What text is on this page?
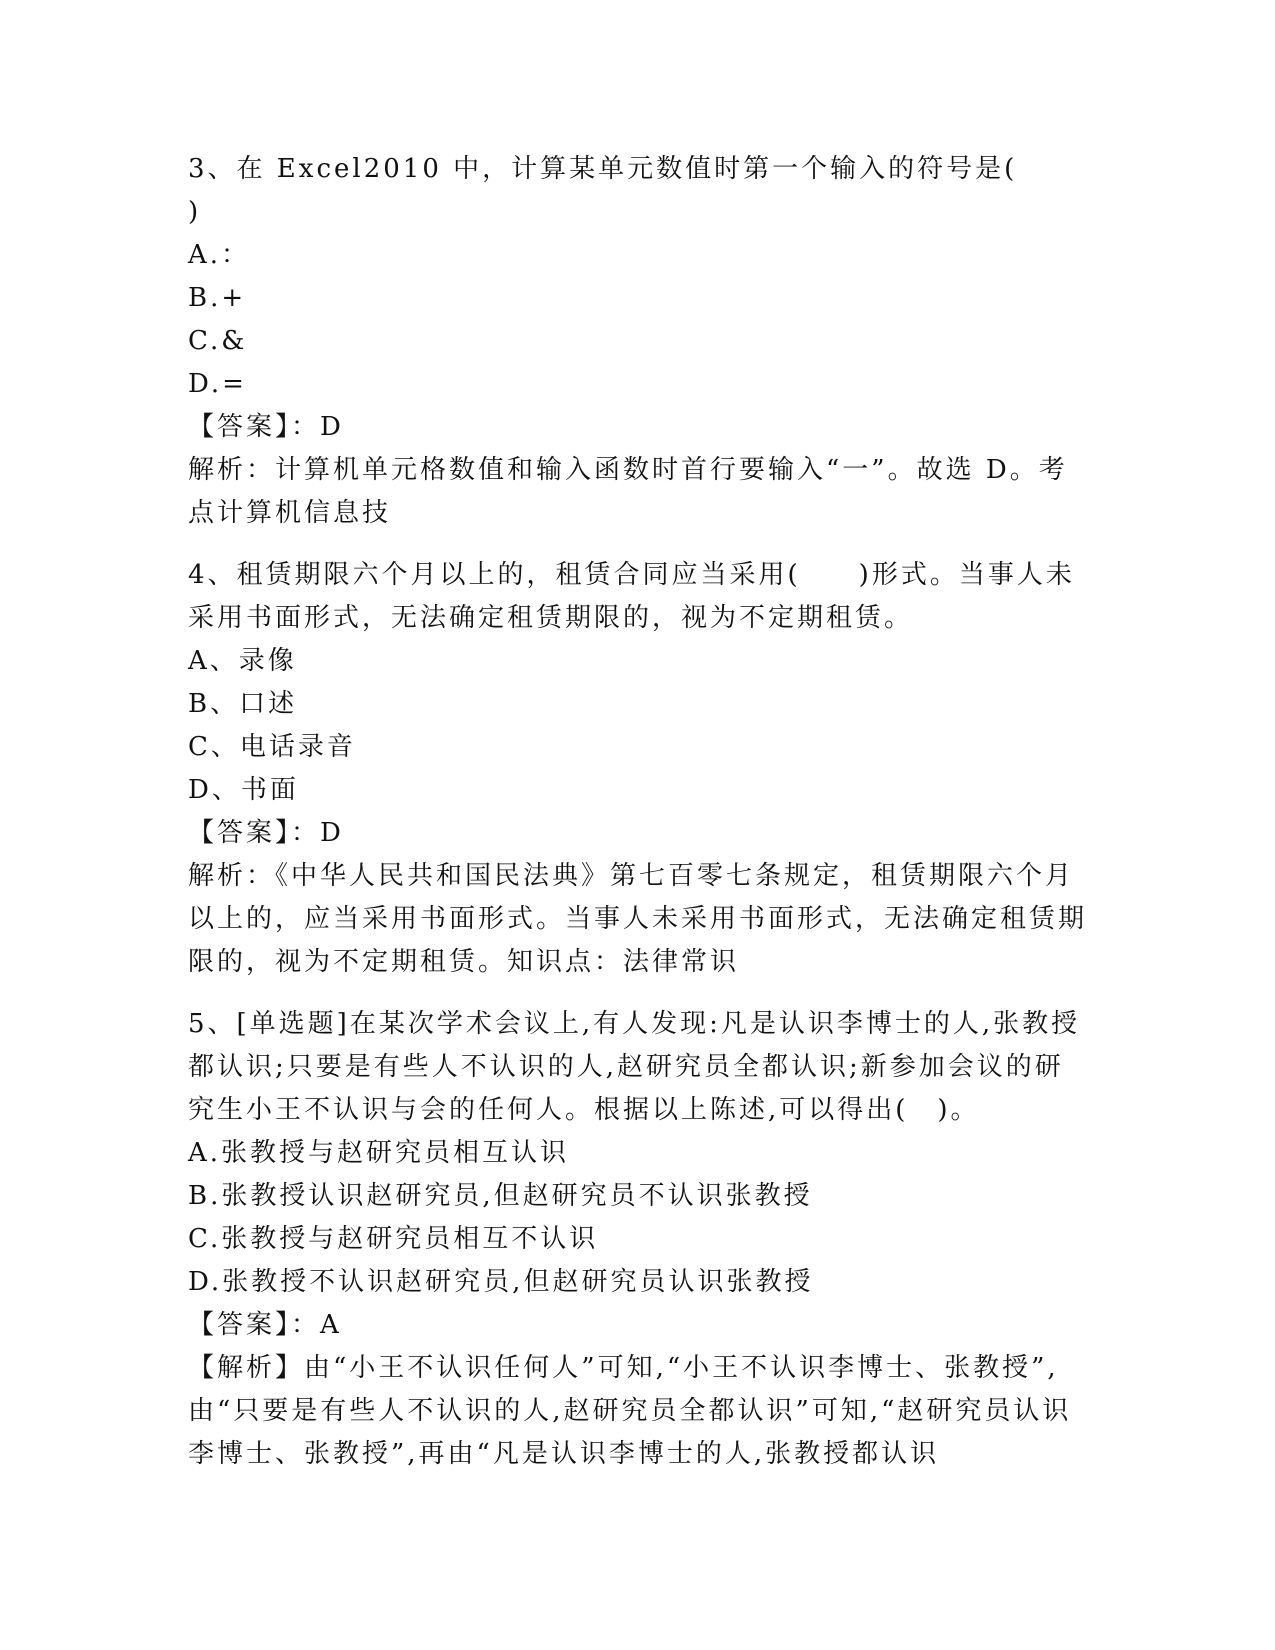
3、在 Excel2010 中，计算某单元数值时第一个输入的符号是(　　)
A.：
B.+
C.&
D.=
【答案】：D
解析：计算机单元格数值和输入函数时首行要输入“一”。故选 D。考点计算机信息技
4、租赁期限六个月以上的，租赁合同应当采用(　　)形式。当事人未采用书面形式，无法确定租赁期限的，视为不定期租赁。
A、录像
B、口述
C、电话录音
D、书面
【答案】：D
解析：《中华人民共和国民法典》第七百零七条规定，租赁期限六个月以上的，应当采用书面形式。当事人未采用书面形式，无法确定租赁期限的，视为不定期租赁。知识点：法律常识
5、[单选题]在某次学术会议上,有人发现:凡是认识李博士的人,张教授都认识;只要是有些人不认识的人,赵研究员全都认识;新参加会议的研究生小王不认识与会的任何人。根据以上陈述,可以得出(　)。
A.张教授与赵研究员相互认识
B.张教授认识赵研究员,但赵研究员不认识张教授
C.张教授与赵研究员相互不认识
D.张教授不认识赵研究员,但赵研究员认识张教授
【答案】：A
【解析】由“小王不认识任何人”可知,“小王不认识李博士、张教授”,由“只要是有些人不认识的人,赵研究员全都认识”可知,“赵研究员认识李博士、张教授”,再由“凡是认识李博士的人,张教授都认识
